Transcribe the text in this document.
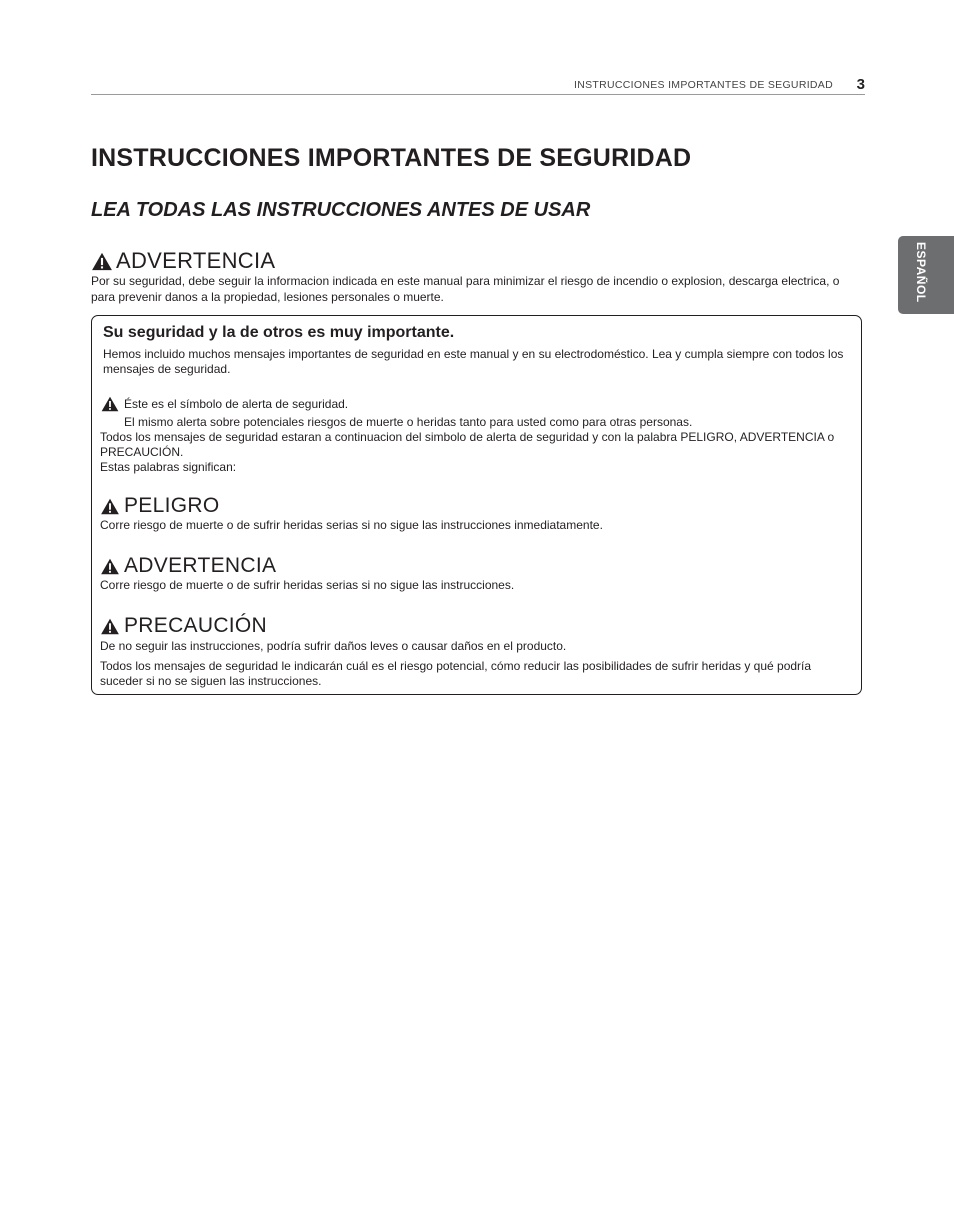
INSTRUCCIONES IMPORTANTES DE SEGURIDAD 3
ESPAÑOL
INSTRUCCIONES IMPORTANTES DE SEGURIDAD
LEA TODAS LAS INSTRUCCIONES ANTES DE USAR
ADVERTENCIA

Por su seguridad, debe seguir la informacion indicada en este manual para minimizar el riesgo de incendio o explosion, descarga electrica, o para prevenir danos a la propiedad, lesiones personales o muerte.

Su seguridad y la de otros es muy importante.

Hemos incluido muchos mensajes importantes de seguridad en este manual y en su electrodoméstico. Lea y cumpla siempre con todos los mensajes de seguridad.

Éste es el símbolo de alerta de seguridad.

El mismo alerta sobre potenciales riesgos de muerte o heridas tanto para usted como para otras personas.

Todos los mensajes de seguridad estaran a continuacion del simbolo de alerta de seguridad y con la palabra PELIGRO, ADVERTENCIA o PRECAUCIÓN.
Estas palabras significan:
PELIGRO

Corre riesgo de muerte o de sufrir heridas serias si no sigue las instrucciones inmediatamente.

ADVERTENCIA

Corre riesgo de muerte o de sufrir heridas serias si no sigue las instrucciones.

PRECAUCIÓN

De no seguir las instrucciones, podría sufrir daños leves o causar daños en el producto.

Todos los mensajes de seguridad le indicarán cuál es el riesgo potencial, cómo reducir las posibilidades de sufrir heridas y qué podría suceder si no se siguen las instrucciones.
